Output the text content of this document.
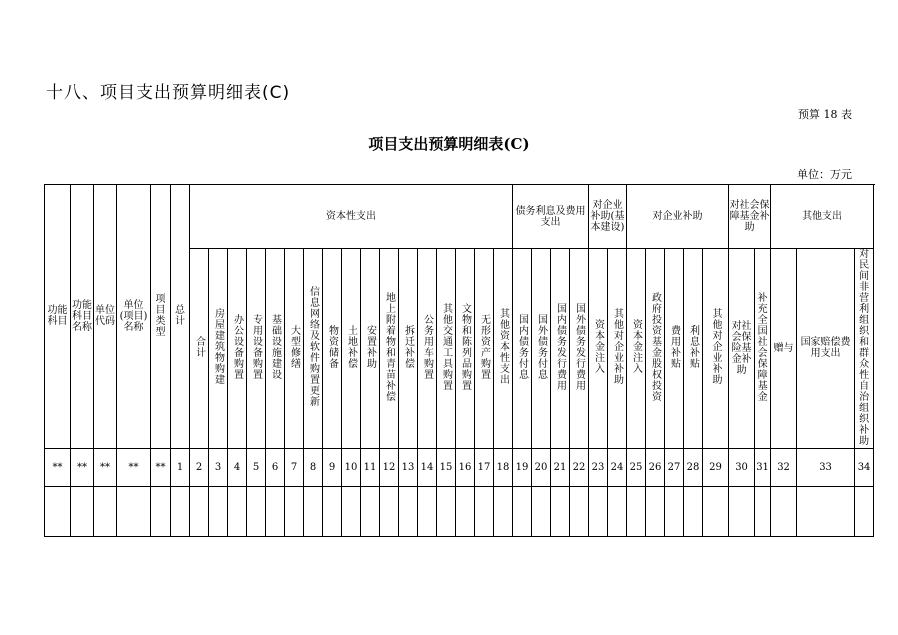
十八、项目支出预算明细表(C)
预算 18 表
项目支出预算明细表(C)
单位：万元
功能科目	功能科目名称	单位代码	单位(项目)名称	项目类型	总计	资本性支出																	债务利息及费用支出				对企业补助(基本建设)		对企业补助					对社会保障基金补助		其他支出			
						合计	房屋建筑物购建	办公设备购置	专用设备购置	基础设施建设	大型修缮	信息网络及软件购置更新	物资储备	土地补偿	安置补助	地上附着物和青苗补偿	拆迁补偿	公务用车购置	其他交通工具购置	文物和陈列品购置	无形资产购置	其他资本性支出	国内债务付息	国外债务付息	国内债务发行费用	国外债务发行费用	资本金注入	其他对企业补助	资本金注入	政府投资基金股权投资	费用补贴	利息补贴	其他对企业补助	对社会保险基金补助	补充全国社会保障基金	赠与	国家赔偿费用支出	对民间非营利组织和群众性自治组织补助	
**	**	**	**	**	1	2	3	4	5	6	7	8	9	10	11	12	13	14	15	16	17	18	19	20	21	22	23	24	25	26	27	28	29	30	31	32	33	34	
